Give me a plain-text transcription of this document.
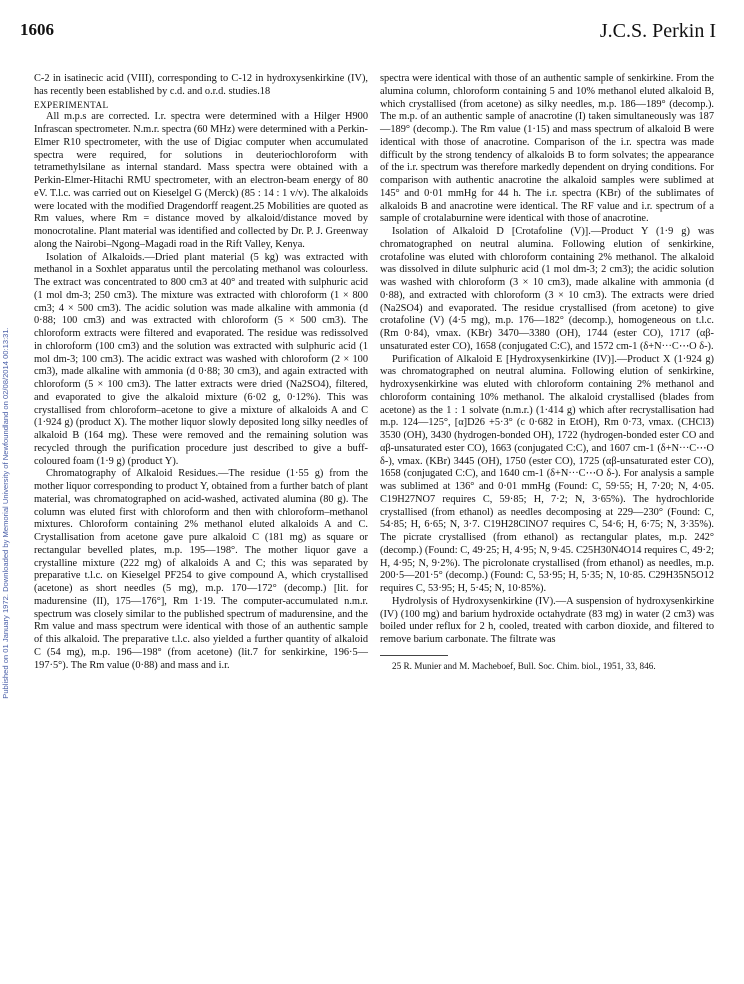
1606	J.C.S. Perkin I
Published on 01 January 1972. Downloaded by Memorial University of Newfoundland on 02/08/2014 00:13:31.

C-2 in isatinecic acid (VIII), corresponding to C-12 in hydroxysenkirkine (IV), has recently been established by c.d. and o.r.d. studies.18

EXPERIMENTAL

All m.p.s are corrected. I.r. spectra were determined with a Hilger H900 Infrascan spectrometer. N.m.r. spectra (60 MHz) were determined with a Perkin-Elmer R10 spectrometer, with the use of Digiac computer when accumulated spectra were required, for solutions in deuteriochloroform with tetramethylsilane as internal standard. Mass spectra were obtained with a Perkin-Elmer-Hitachi RMU spectrometer, with an electron-beam energy of 80 eV. T.l.c. was carried out on Kieselgel G (Merck) (85 : 14 : 1 v/v). The alkaloids were located with the modified Dragendorff reagent.25 Mobilities are quoted as Rm values, where Rm = distance moved by alkaloid/distance moved by monocrotaline. Plant material was identified and collected by Dr. P. J. Greenway along the Nairobi–Ngong–Magadi road in the Rift Valley, Kenya.

Isolation of Alkaloids.—Dried plant material (5 kg) was extracted with methanol in a Soxhlet apparatus until the percolating methanol was colourless. The extract was concentrated to 800 cm3 at 40° and treated with sulphuric acid (1 mol dm-3; 250 cm3). The mixture was extracted with chloroform (1 × 800 cm3; 4 × 500 cm3). The acidic solution was made alkaline with ammonia (d 0·88; 100 cm3) and was extracted with chloroform (5 × 500 cm3). The chloroform extracts were filtered and evaporated. The residue was redissolved in chloroform (100 cm3) and the solution was extracted with sulphuric acid (1 mol dm-3; 100 cm3). The acidic extract was washed with chloroform (2 × 100 cm3), made alkaline with ammonia (d 0·88; 30 cm3), and again extracted with chloroform (5 × 100 cm3). The latter extracts were dried (Na2SO4), filtered, and evaporated to give the alkaloid mixture (6·02 g, 0·12%). This was crystallised from chloroform–acetone to give a mixture of alkaloids A and C (1·924 g) (product X). The mother liquor slowly deposited long silky needles of alkaloid B (164 mg). These were removed and the remaining solution was recycled through the purification procedure just described to give a buff-coloured foam (1·9 g) (product Y).

Chromatography of Alkaloid Residues.—The residue (1·55 g) from the mother liquor corresponding to product Y, obtained from a further batch of plant material, was chromatographed on acid-washed, activated alumina (80 g). The column was eluted first with chloroform and then with chloroform–methanol mixtures. Chloroform containing 2% methanol eluted alkaloids A and C. Crystallisation from acetone gave pure alkaloid C (181 mg) as square or rectangular bevelled plates, m.p. 195—198°. The mother liquor gave a crystalline mixture (222 mg) of alkaloids A and C; this was separated by preparative t.l.c. on Kieselgel PF254 to give compound A, which crystallised (acetone) as short needles (5 mg), m.p. 170—172° (decomp.) [lit. for madurensine (II), 175—176°], Rm 1·19. The computer-accumulated n.m.r. spectrum was closely similar to the published spectrum of madurensine, and the Rm value and mass spectrum were identical with those of an authentic sample of this alkaloid. The preparative t.l.c. also yielded a further quantity of alkaloid C (54 mg), m.p. 196—198° (from acetone) (lit.7 for senkirkine, 196·5—197·5°). The Rm value (0·88) and mass and i.r.

spectra were identical with those of an authentic sample of senkirkine. From the alumina column, chloroform containing 5 and 10% methanol eluted alkaloid B, which crystallised (from acetone) as silky needles, m.p. 186—189° (decomp.). The m.p. of an authentic sample of anacrotine (I) taken simultaneously was 187—189° (decomp.). The Rm value (1·15) and mass spectrum of alkaloid B were identical with those of anacrotine. Comparison of the i.r. spectra was made difficult by the strong tendency of alkaloids B to form solvates; the appearance of the i.r. spectrum was therefore markedly dependent on drying conditions. For comparison with authentic anacrotine the alkaloid samples were sublimed at 145° and 0·01 mmHg for 44 h. The i.r. spectra (KBr) of the sublimates of alkaloids B and anacrotine were identical. The RF value and i.r. spectrum of a sample of crotalaburnine were identical with those of anacrotine.

Isolation of Alkaloid D [Crotafoline (V)].—Product Y (1·9 g) was chromatographed on neutral alumina. Following elution of senkirkine, crotafoline was eluted with chloroform containing 2% methanol. The alkaloid was dissolved in dilute sulphuric acid (1 mol dm-3; 2 cm3); the acidic solution was washed with chloroform (3 × 10 cm3), made alkaline with ammonia (d 0·88), and extracted with chloroform (3 × 10 cm3). The extracts were dried (Na2SO4) and evaporated. The residue crystallised (from acetone) to give crotafoline (V) (4·5 mg), m.p. 176—182° (decomp.), homogeneous on t.l.c. (Rm 0·84), νmax. (KBr) 3470—3380 (OH), 1744 (ester CO), 1717 (αβ-unsaturated ester CO), 1658 (conjugated C:C), and 1572 cm-1 (δ+N···C⋯O δ-).

Purification of Alkaloid E [Hydroxysenkirkine (IV)].—Product X (1·924 g) was chromatographed on neutral alumina. Following elution of senkirkine, hydroxysenkirkine was eluted with chloroform containing 2% methanol and chloroform containing 10% methanol. The alkaloid crystallised (blades from acetone) as the 1 : 1 solvate (n.m.r.) (1·414 g) which after recrystallisation had m.p. 124—125°, [α]D26 +5·3° (c 0·682 in EtOH), Rm 0·73, νmax. (CHCl3) 3530 (OH), 3430 (hydrogen-bonded OH), 1722 (hydrogen-bonded ester CO and αβ-unsaturated ester CO), 1663 (conjugated C:C), and 1607 cm-1 (δ+N···C⋯O δ-), νmax. (KBr) 3445 (OH), 1750 (ester CO), 1725 (αβ-unsaturated ester CO), 1658 (conjugated C:C), and 1640 cm-1 (δ+N···C⋯O δ-). For analysis a sample was sublimed at 136° and 0·01 mmHg (Found: C, 59·55; H, 7·20; N, 4·05. C19H27NO7 requires C, 59·85; H, 7·2; N, 3·65%). The hydrochloride crystallised (from ethanol) as needles decomposing at 229—230° (Found: C, 54·85; H, 6·65; N, 3·7. C19H28ClNO7 requires C, 54·6; H, 6·75; N, 3·35%). The picrate crystallised (from ethanol) as rectangular plates, m.p. 242° (decomp.) (Found: C, 49·25; H, 4·95; N, 9·45. C25H30N4O14 requires C, 49·2; H, 4·95; N, 9·2%). The picrolonate crystallised (from ethanol) as needles, m.p. 200·5—201·5° (decomp.) (Found: C, 53·95; H, 5·35; N, 10·85. C29H35N5O12 requires C, 53·95; H, 5·45; N, 10·85%).

Hydrolysis of Hydroxysenkirkine (IV).—A suspension of hydroxysenkirkine (IV) (100 mg) and barium hydroxide octahydrate (83 mg) in water (2 cm3) was boiled under reflux for 2 h, cooled, treated with carbon dioxide, and filtered to remove barium carbonate. The filtrate was

25 R. Munier and M. Macheboef, Bull. Soc. Chim. biol., 1951, 33, 846.
